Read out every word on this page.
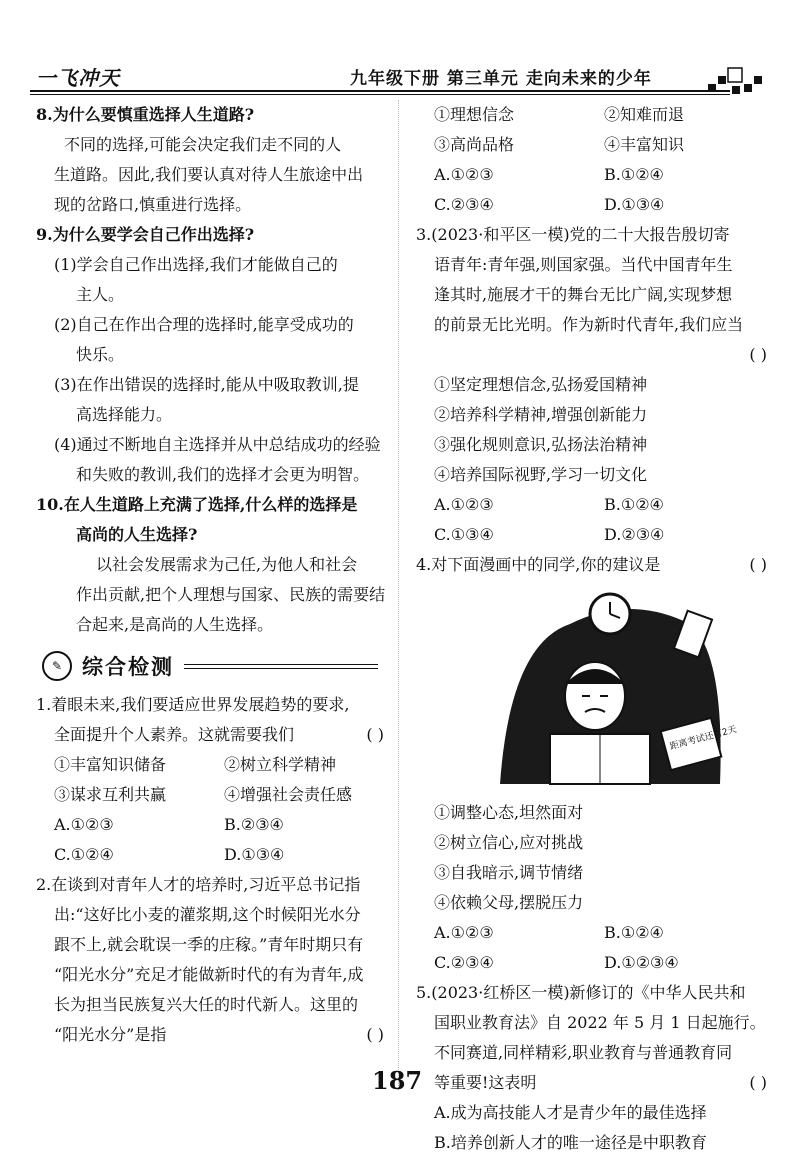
一飞冲天	九年级下册 第三单元 走向未来的少年
8.为什么要慎重选择人生道路?
不同的选择,可能会决定我们走不同的人
生道路。因此,我们要认真对待人生旅途中出
现的岔路口,慎重进行选择。
9.为什么要学会自己作出选择?
(1)学会自己作出选择,我们才能做自己的
主人。
(2)自己在作出合理的选择时,能享受成功的
快乐。
(3)在作出错误的选择时,能从中吸取教训,提
高选择能力。
(4)通过不断地自主选择并从中总结成功的经验
和失败的教训,我们的选择才会更为明智。
10.在人生道路上充满了选择,什么样的选择是
高尚的人生选择?
以社会发展需求为己任,为他人和社会
作出贡献,把个人理想与国家、民族的需要结
合起来,是高尚的人生选择。
✎ 综合检测
1.着眼未来,我们要适应世界发展趋势的要求,
全面提升个人素养。这就需要我们	( )
①丰富知识储备	②树立科学精神
③谋求互利共赢	④增强社会责任感
A.①②③	B.②③④
C.①②④	D.①③④
2.在谈到对青年人才的培养时,习近平总书记指
出:“这好比小麦的灌浆期,这个时候阳光水分
跟不上,就会耽误一季的庄稼。”青年时期只有
“阳光水分”充足才能做新时代的有为青年,成
长为担当民族复兴大任的时代新人。这里的
“阳光水分”是指	( )
①理想信念	②知难而退
③高尚品格	④丰富知识
A.①②③	B.①②④
C.②③④	D.①③④
3.(2023·和平区一模)党的二十大报告殷切寄
语青年:青年强,则国家强。当代中国青年生
逢其时,施展才干的舞台无比广阔,实现梦想
的前景无比光明。作为新时代青年,我们应当
( )
①坚定理想信念,弘扬爱国精神
②培养科学精神,增强创新能力
③强化规则意识,弘扬法治精神
④培养国际视野,学习一切文化
A.①②③	B.①②④
C.①③④	D.②③④
4.对下面漫画中的同学,你的建议是	( )
距离考试还有2天
①调整心态,坦然面对
②树立信心,应对挑战
③自我暗示,调节情绪
④依赖父母,摆脱压力
A.①②③	B.①②④
C.②③④	D.①②③④
5.(2023·红桥区一模)新修订的《中华人民共和
国职业教育法》自 2022 年 5 月 1 日起施行。
不同赛道,同样精彩,职业教育与普通教育同
等重要!这表明	( )
A.成为高技能人才是青少年的最佳选择
B.培养创新人才的唯一途径是中职教育
187
